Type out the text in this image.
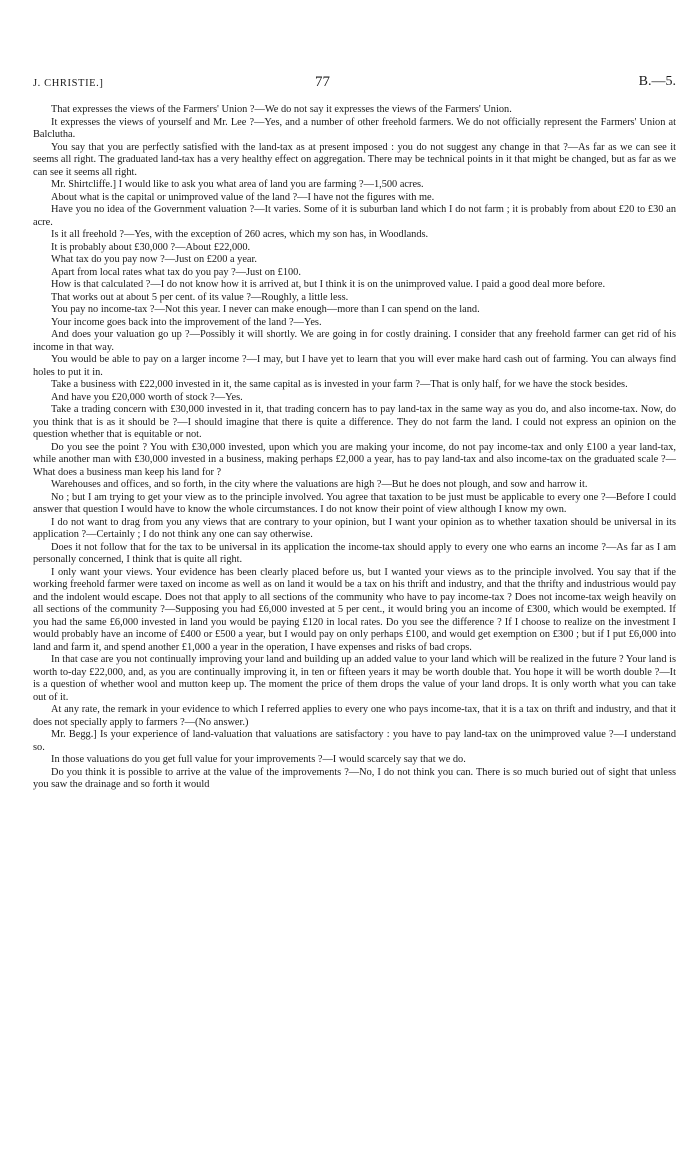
J. CHRISTIE.]	77	B.—5.

That expresses the views of the Farmers' Union ?—We do not say it expresses the views of the Farmers' Union.

It expresses the views of yourself and Mr. Lee ?—Yes, and a number of other freehold farmers. We do not officially represent the Farmers' Union at Balclutha.

You say that you are perfectly satisfied with the land-tax as at present imposed : you do not suggest any change in that ?—As far as we can see it seems all right. The graduated land-tax has a very healthy effect on aggregation. There may be technical points in it that might be changed, but as far as we can see it seems all right.

Mr. Shirtcliffe.] I would like to ask you what area of land you are farming ?—1,500 acres.

About what is the capital or unimproved value of the land ?—I have not the figures with me.

Have you no idea of the Government valuation ?—It varies. Some of it is suburban land which I do not farm ; it is probably from about £20 to £30 an acre.

Is it all freehold ?—Yes, with the exception of 260 acres, which my son has, in Woodlands.

It is probably about £30,000 ?—About £22,000.

What tax do you pay now ?—Just on £200 a year.

Apart from local rates what tax do you pay ?—Just on £100.

How is that calculated ?—I do not know how it is arrived at, but I think it is on the unimproved value. I paid a good deal more before.

That works out at about 5 per cent. of its value ?—Roughly, a little less.

You pay no income-tax ?—Not this year. I never can make enough—more than I can spend on the land.

Your income goes back into the improvement of the land ?—Yes.

And does your valuation go up ?—Possibly it will shortly. We are going in for costly draining. I consider that any freehold farmer can get rid of his income in that way.

You would be able to pay on a larger income ?—I may, but I have yet to learn that you will ever make hard cash out of farming. You can always find holes to put it in.

Take a business with £22,000 invested in it, the same capital as is invested in your farm ?—That is only half, for we have the stock besides.

And have you £20,000 worth of stock ?—Yes.

Take a trading concern with £30,000 invested in it, that trading concern has to pay land-tax in the same way as you do, and also income-tax. Now, do you think that is as it should be ?—I should imagine that there is quite a difference. They do not farm the land. I could not express an opinion on the question whether that is equitable or not.

Do you see the point ? You with £30,000 invested, upon which you are making your income, do not pay income-tax and only £100 a year land-tax, while another man with £30,000 invested in a business, making perhaps £2,000 a year, has to pay land-tax and also income-tax on the graduated scale ?—What does a business man keep his land for ?

Warehouses and offices, and so forth, in the city where the valuations are high ?—But he does not plough, and sow and harrow it.

No ; but I am trying to get your view as to the principle involved. You agree that taxation to be just must be applicable to every one ?—Before I could answer that question I would have to know the whole circumstances. I do not know their point of view although I know my own.

I do not want to drag from you any views that are contrary to your opinion, but I want your opinion as to whether taxation should be universal in its application ?—Certainly ; I do not think any one can say otherwise.

Does it not follow that for the tax to be universal in its application the income-tax should apply to every one who earns an income ?—As far as I am personally concerned, I think that is quite all right.

I only want your views. Your evidence has been clearly placed before us, but I wanted your views as to the principle involved. You say that if the working freehold farmer were taxed on income as well as on land it would be a tax on his thrift and industry, and that the thrifty and industrious would pay and the indolent would escape. Does not that apply to all sections of the community who have to pay income-tax ? Does not income-tax weigh heavily on all sections of the community ?—Supposing you had £6,000 invested at 5 per cent., it would bring you an income of £300, which would be exempted. If you had the same £6,000 invested in land you would be paying £120 in local rates. Do you see the difference ? If I choose to realize on the investment I would probably have an income of £400 or £500 a year, but I would pay on only perhaps £100, and would get exemption on £300 ; but if I put £6,000 into land and farm it, and spend another £1,000 a year in the operation, I have expenses and risks of bad crops.

In that case are you not continually improving your land and building up an added value to your land which will be realized in the future ? Your land is worth to-day £22,000, and, as you are continually improving it, in ten or fifteen years it may be worth double that. You hope it will be worth double ?—It is a question of whether wool and mutton keep up. The moment the price of them drops the value of your land drops. It is only worth what you can take out of it.

At any rate, the remark in your evidence to which I referred applies to every one who pays income-tax, that it is a tax on thrift and industry, and that it does not specially apply to farmers ?—(No answer.)

Mr. Begg.] Is your experience of land-valuation that valuations are satisfactory : you have to pay land-tax on the unimproved value ?—I understand so.

In those valuations do you get full value for your improvements ?—I would scarcely say that we do.

Do you think it is possible to arrive at the value of the improvements ?—No, I do not think you can. There is so much buried out of sight that unless you saw the drainage and so forth it would
